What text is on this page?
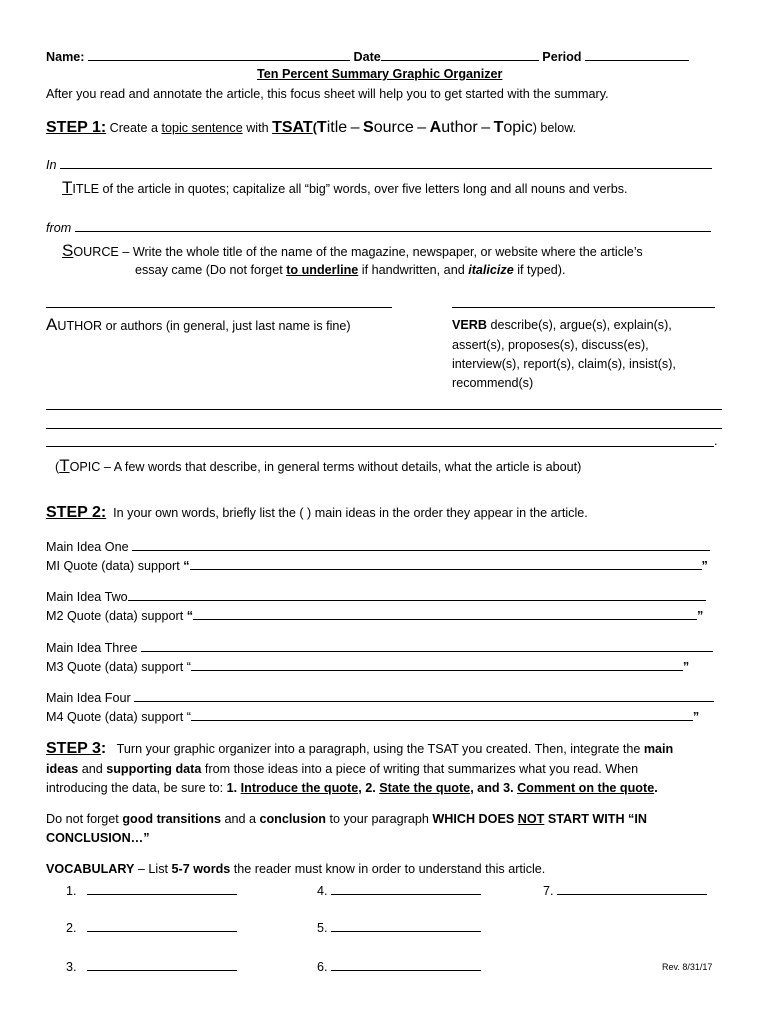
Name:	Date	Period
Ten Percent Summary Graphic Organizer
After you read and annotate the article, this focus sheet will help you to get started with the summary.
STEP 1: Create a topic sentence with TSAT(Title – Source – Author – Topic) below.
In
TITLE of the article in quotes; capitalize all “big” words, over five letters long and all nouns and verbs.
from
SOURCE – Write the whole title of the name of the magazine, newspaper, or website where the article’s
essay came (Do not forget to underline if handwritten, and italicize if typed).
AUTHOR or authors (in general, just last name is fine)	VERB describe(s), argue(s), explain(s),
assert(s), proposes(s), discuss(es),
interview(s), report(s), claim(s), insist(s),
recommend(s)
.
(TOPIC – A few words that describe, in general terms without details, what the article is about)
STEP 2: In your own words, briefly list the ( ) main ideas in the order they appear in the article.
Main Idea One
MI Quote (data) support “	”
Main Idea Two
M2 Quote (data) support “	”
Main Idea Three
M3 Quote (data) support “	”
Main Idea Four
M4 Quote (data) support “	”
STEP 3: Turn your graphic organizer into a paragraph, using the TSAT you created. Then, integrate the main
ideas and supporting data from those ideas into a piece of writing that summarizes what you read. When
introducing the data, be sure to: 1. Introduce the quote, 2. State the quote, and 3. Comment on the quote.
Do not forget good transitions and a conclusion to your paragraph WHICH DOES NOT START WITH “IN
CONCLUSION…”
VOCABULARY – List 5-7 words the reader must know in order to understand this article.
1.	4.	7.
2.	5.
3.	6.	Rev. 8/31/17
